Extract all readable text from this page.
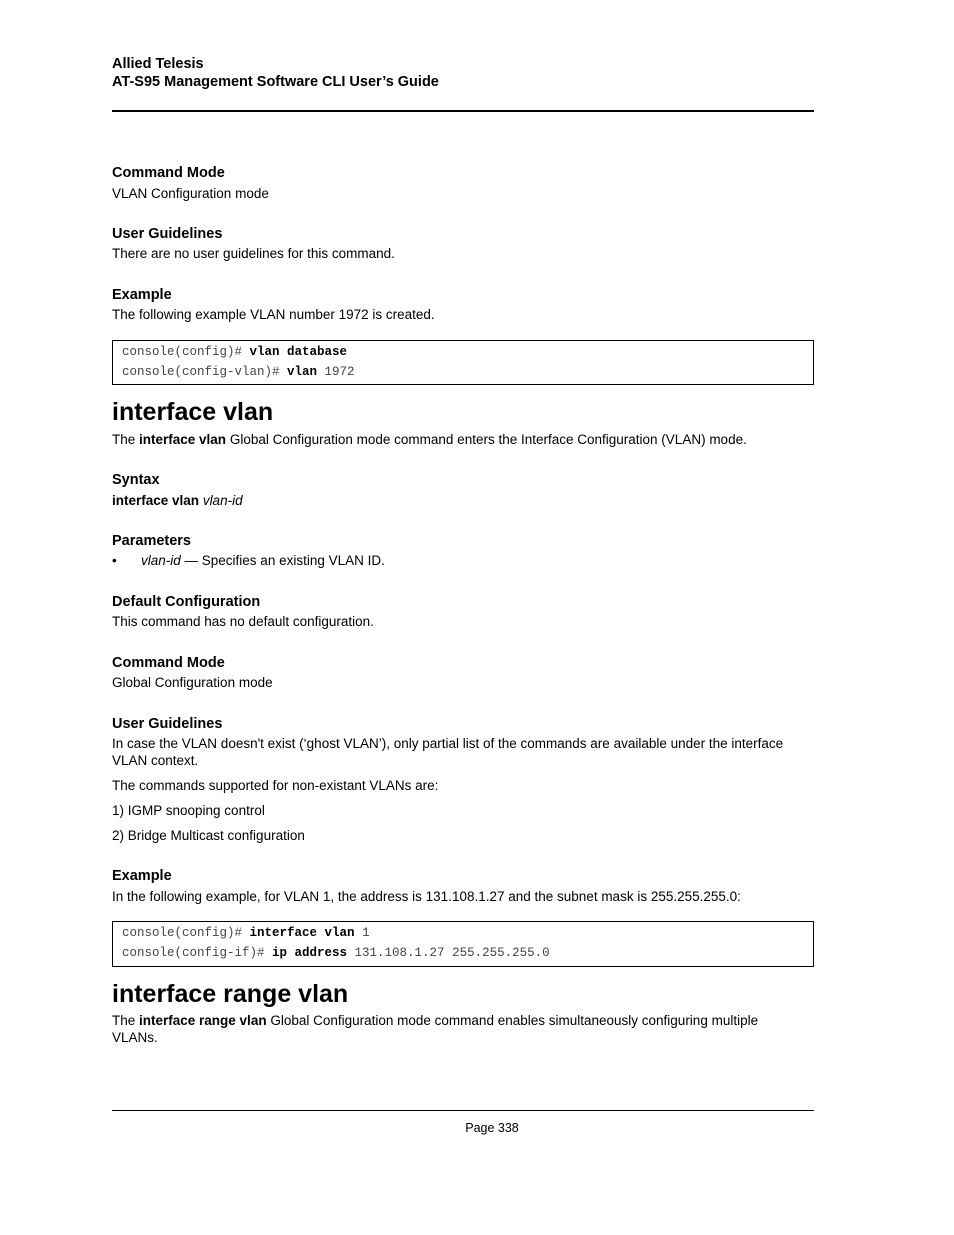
Allied Telesis
AT-S95 Management Software CLI User’s Guide
Command Mode
VLAN Configuration mode
User Guidelines
There are no user guidelines for this command.
Example
The following example VLAN number 1972 is created.
console(config)# vlan database
console(config-vlan)# vlan 1972
interface vlan
The interface vlan Global Configuration mode command enters the Interface Configuration (VLAN) mode.
Syntax
interface vlan vlan-id
Parameters
• vlan-id — Specifies an existing VLAN ID.
Default Configuration
This command has no default configuration.
Command Mode
Global Configuration mode
User Guidelines
In case the VLAN doesn't exist (‘ghost VLAN’), only partial list of the commands are available under the interface
VLAN context.
The commands supported for non-existant VLANs are:
1) IGMP snooping control
2) Bridge Multicast configuration
Example
In the following example, for VLAN 1, the address is 131.108.1.27 and the subnet mask is 255.255.255.0:
console(config)# interface vlan 1
console(config-if)# ip address 131.108.1.27 255.255.255.0
interface range vlan
The interface range vlan Global Configuration mode command enables simultaneously configuring multiple
VLANs.
Page 338
